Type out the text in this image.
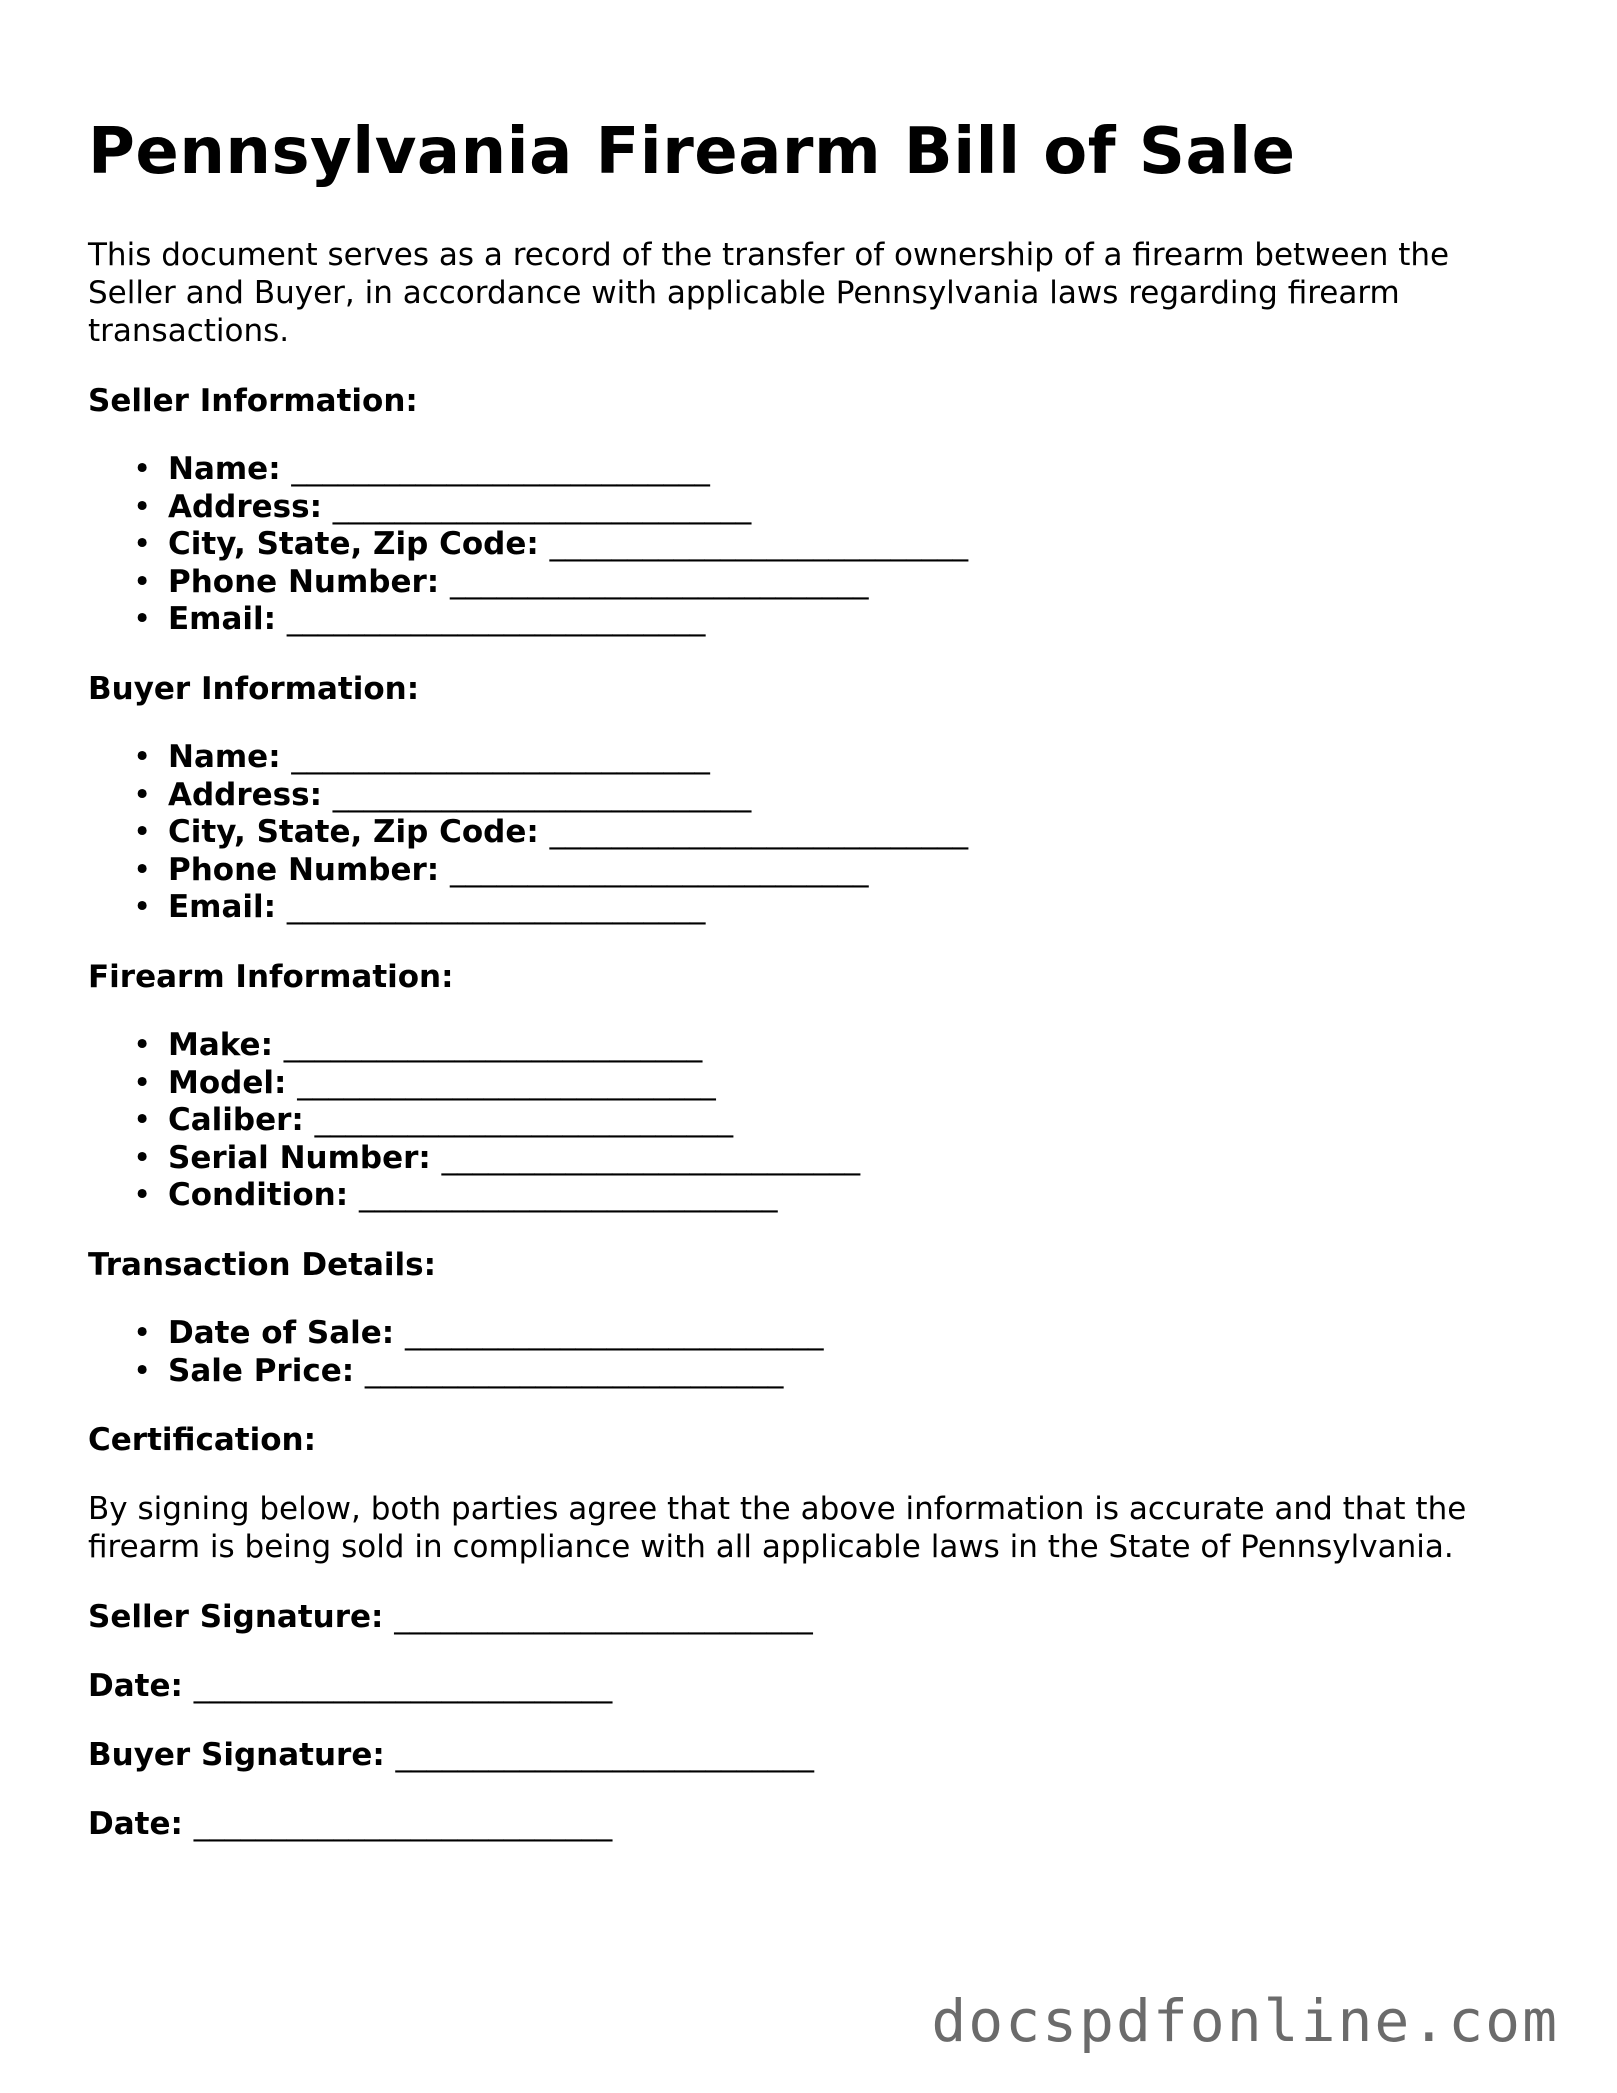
Pennsylvania Firearm Bill of Sale

This document serves as a record of the transfer of ownership of a firearm between the Seller and Buyer, in accordance with applicable Pennsylvania laws regarding firearm transactions.

Seller Information:
• Name: ___________________________
• Address: ___________________________
• City, State, Zip Code: ___________________________
• Phone Number: ___________________________
• Email: ___________________________
Buyer Information:
• Name: ___________________________
• Address: ___________________________
• City, State, Zip Code: ___________________________
• Phone Number: ___________________________
• Email: ___________________________
Firearm Information:
• Make: ___________________________
• Model: ___________________________
• Caliber: ___________________________
• Serial Number: ___________________________
• Condition: ___________________________
Transaction Details:
• Date of Sale: ___________________________
• Sale Price: ___________________________
Certification:

By signing below, both parties agree that the above information is accurate and that the firearm is being sold in compliance with all applicable laws in the State of Pennsylvania.

Seller Signature: ___________________________
Date: ___________________________
Buyer Signature: ___________________________
Date: ___________________________
docspdfonline.com
